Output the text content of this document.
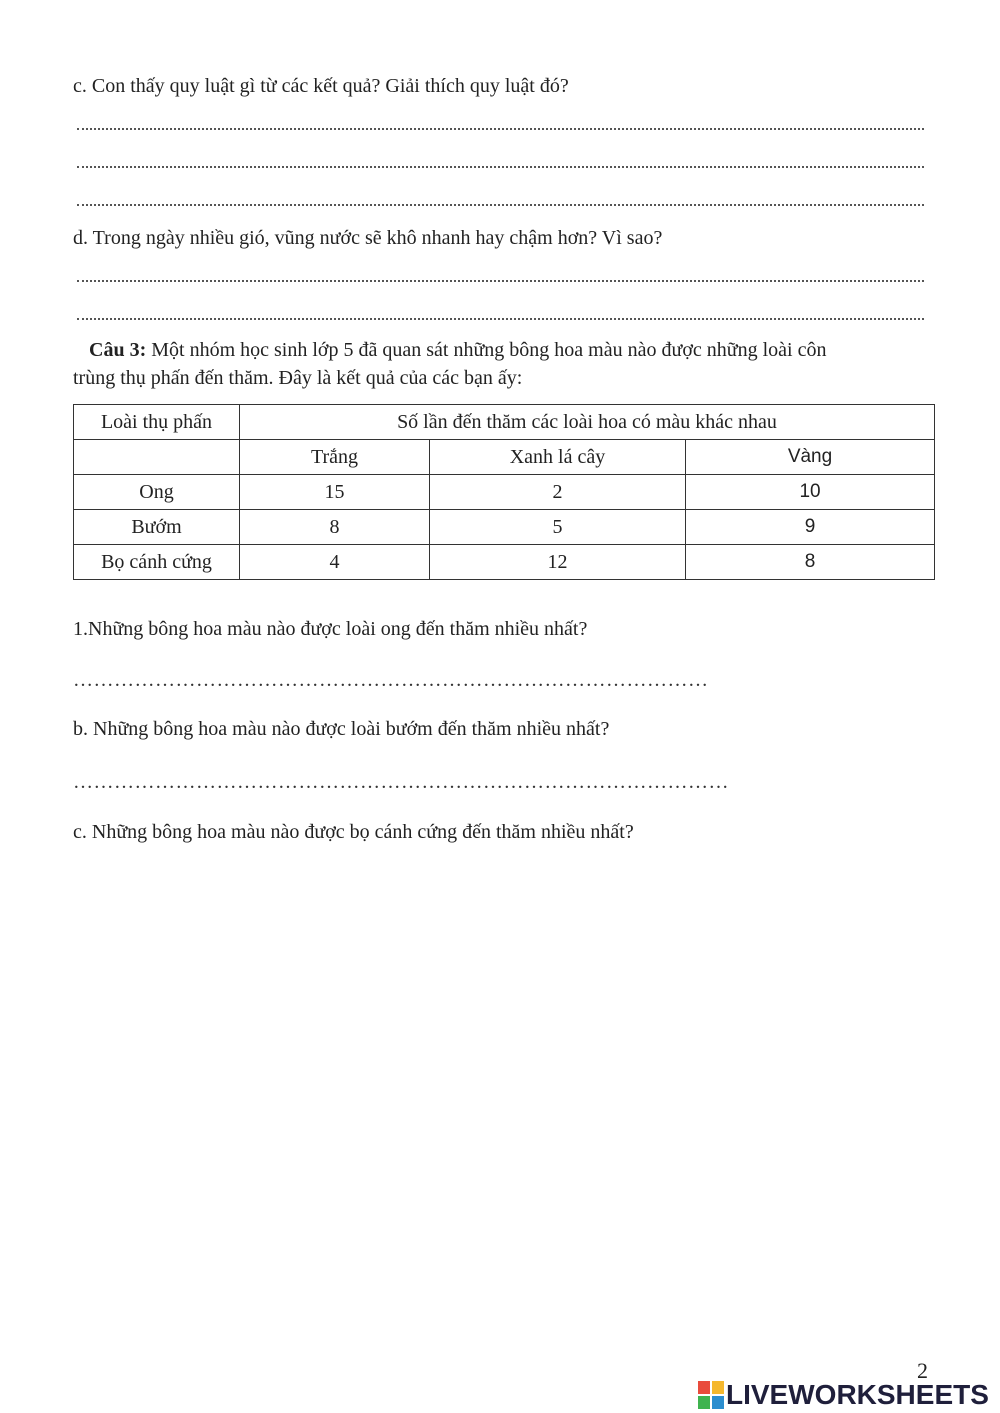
c. Con thấy quy luật gì từ các kết quả? Giải thích quy luật đó?
d. Trong ngày nhiều gió, vũng nước sẽ khô nhanh hay chậm hơn? Vì sao?
Câu 3: Một nhóm học sinh lớp 5 đã quan sát những bông hoa màu nào được những loài côn
trùng thụ phấn đến thăm. Đây là kết quả của các bạn ấy:
Loài thụ phấn	Số lần đến thăm các loài hoa có màu khác nhau		
	Trắng	Xanh lá cây	Vàng
Ong	15	2	10
Bướm	8	5	9
Bọ cánh cứng	4	12	8
1.Những bông hoa màu nào được loài ong đến thăm nhiều nhất?
…………………………………………………………………………………
b. Những bông hoa màu nào được loài bướm đến thăm nhiều nhất?
……………………………………………………………………………………
c. Những bông hoa màu nào được bọ cánh cứng đến thăm nhiều nhất?
2
LIVEWORKSHEETS
